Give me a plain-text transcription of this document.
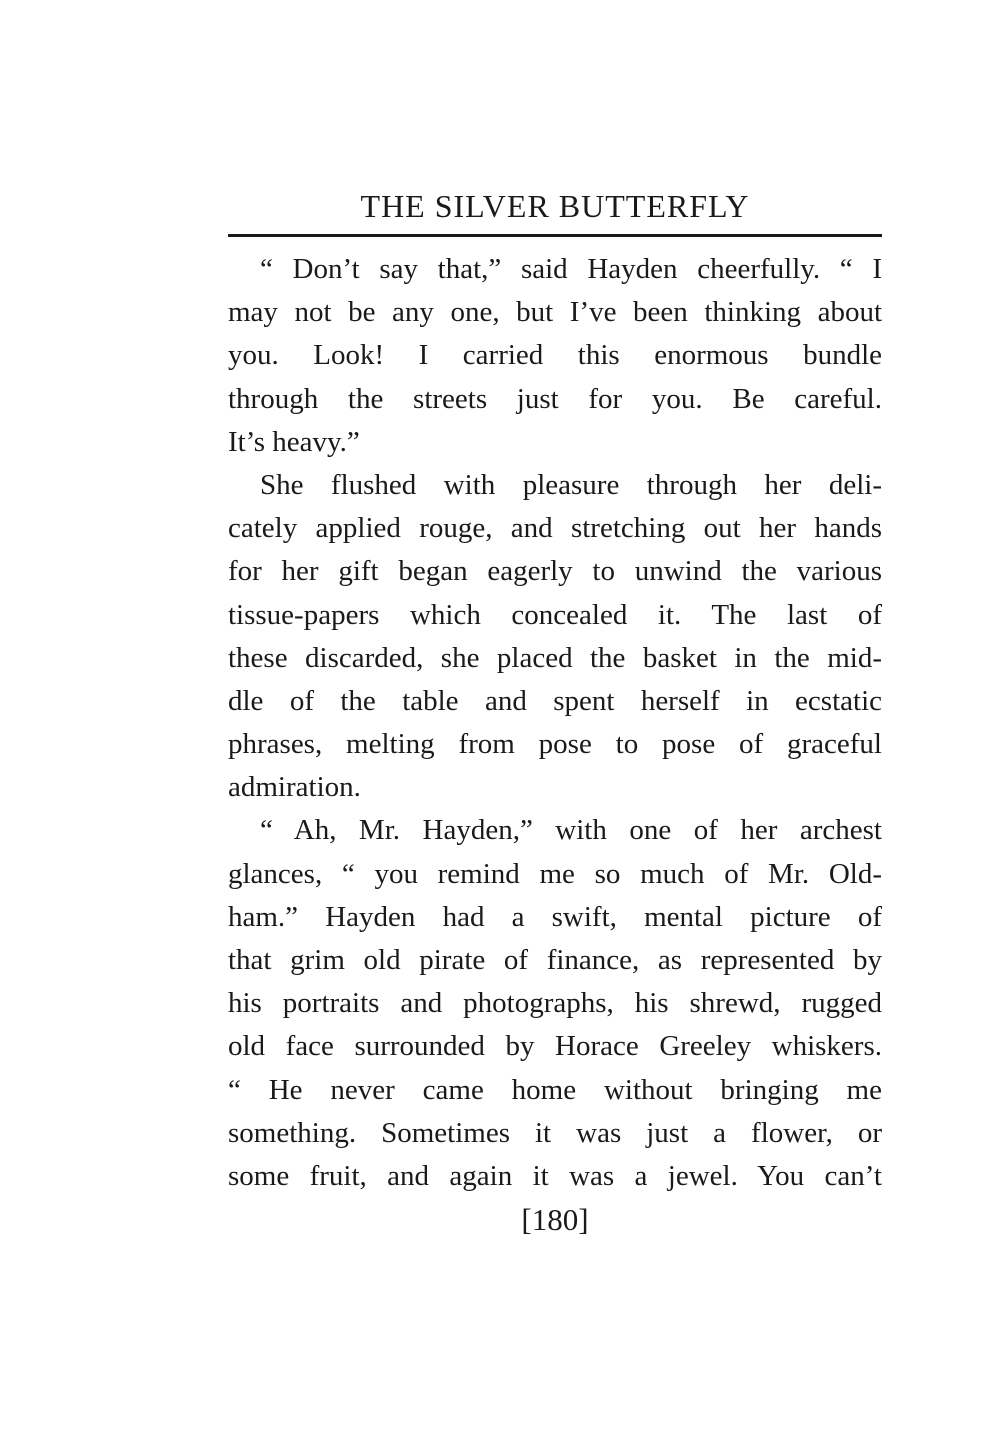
THE SILVER BUTTERFLY

“ Don’t say that,” said Hayden cheerfully. “ I
may not be any one, but I’ve been thinking about
you. Look! I carried this enormous bundle
through the streets just for you. Be careful.
It’s heavy.”

She flushed with pleasure through her deli-
cately applied rouge, and stretching out her hands
for her gift began eagerly to unwind the various
tissue-papers which concealed it. The last of
these discarded, she placed the basket in the mid-
dle of the table and spent herself in ecstatic
phrases, melting from pose to pose of graceful
admiration.

“ Ah, Mr. Hayden,” with one of her archest
glances, “ you remind me so much of Mr. Old-
ham.” Hayden had a swift, mental picture of
that grim old pirate of finance, as represented by
his portraits and photographs, his shrewd, rugged
old face surrounded by Horace Greeley whiskers.
“ He never came home without bringing me
something. Sometimes it was just a flower, or
some fruit, and again it was a jewel. You can’t

[180]
